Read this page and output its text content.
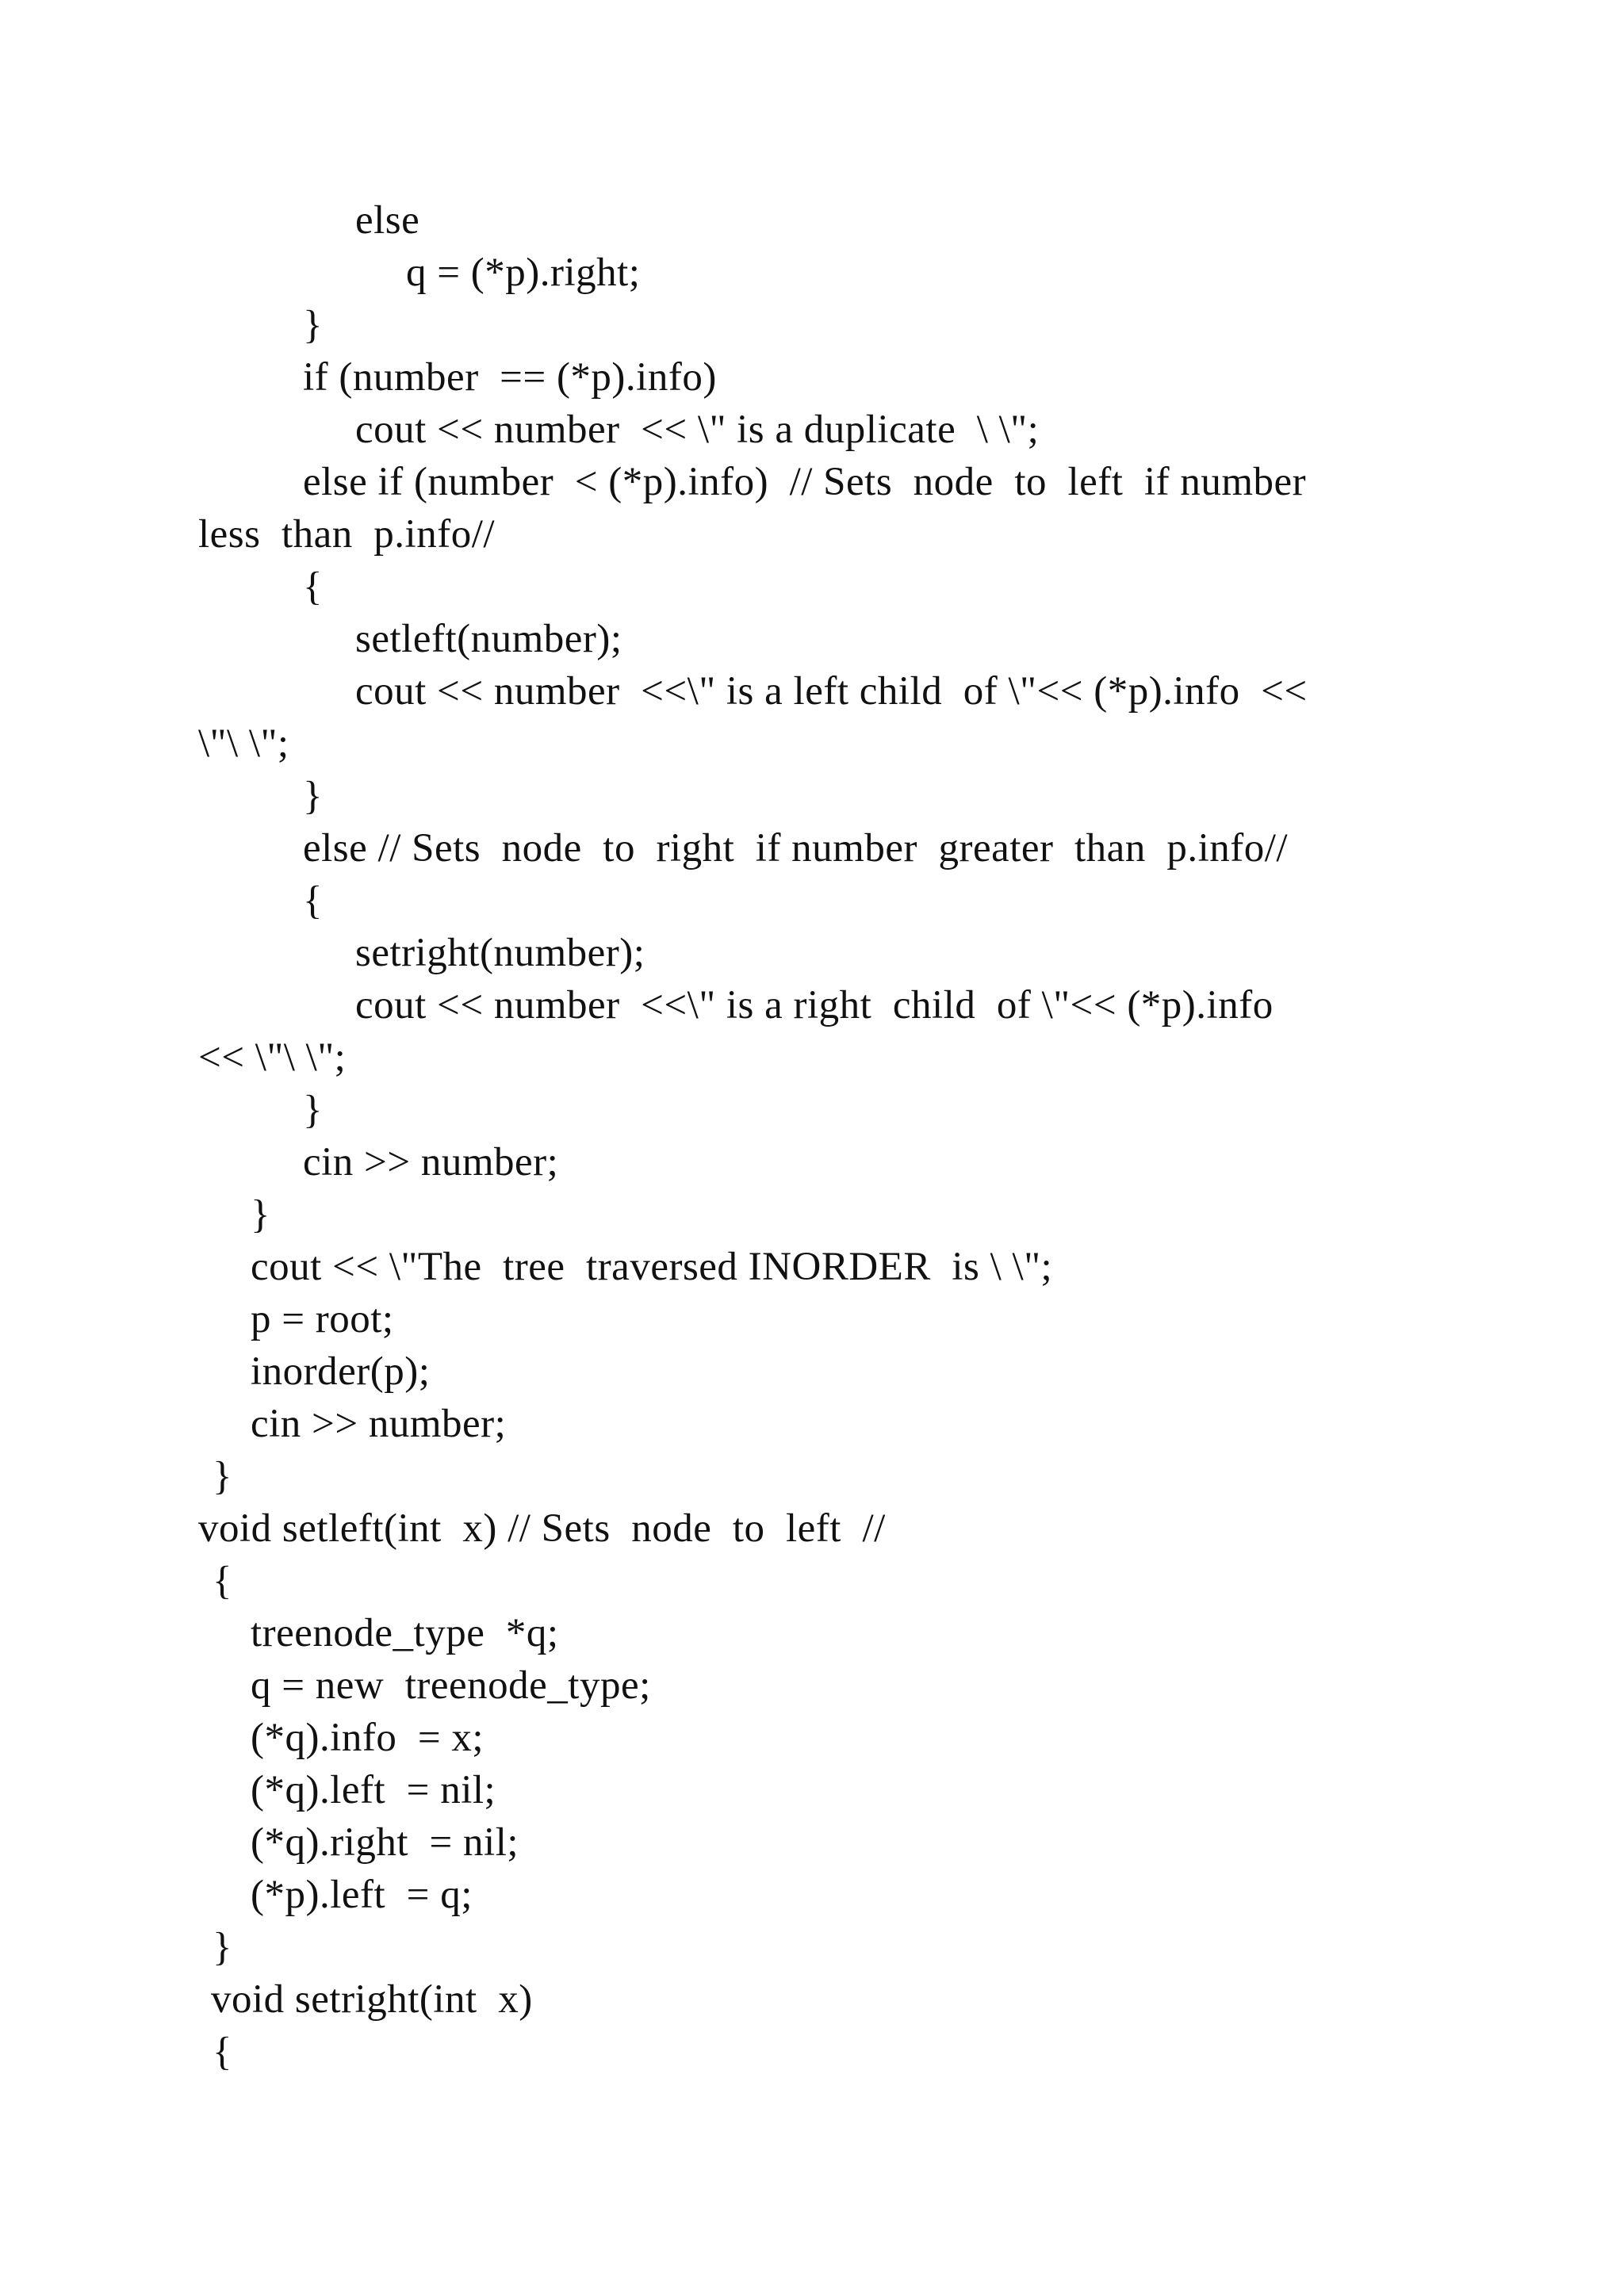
else
q = (*p).right;
}
if (number  == (*p).info)
cout << number  << \" is a duplicate  \ \";
else if (number  < (*p).info)  // Sets  node  to  left  if number
less  than  p.info//
{
setleft(number);
cout << number  <<\" is a left child  of \"<< (*p).info  <<
\"\ \";
}
else // Sets  node  to  right  if number  greater  than  p.info//
{
setright(number);
cout << number  <<\" is a right  child  of \"<< (*p).info
<< \"\ \";
}
cin >> number;
}
cout << \"The  tree  traversed INORDER  is \ \";
p = root;
inorder(p);
cin >> number;
}
void setleft(int  x) // Sets  node  to  left  //
{
treenode_type  *q;
q = new  treenode_type;
(*q).info  = x;
(*q).left  = nil;
(*q).right  = nil;
(*p).left  = q;
}
void setright(int  x)
{
